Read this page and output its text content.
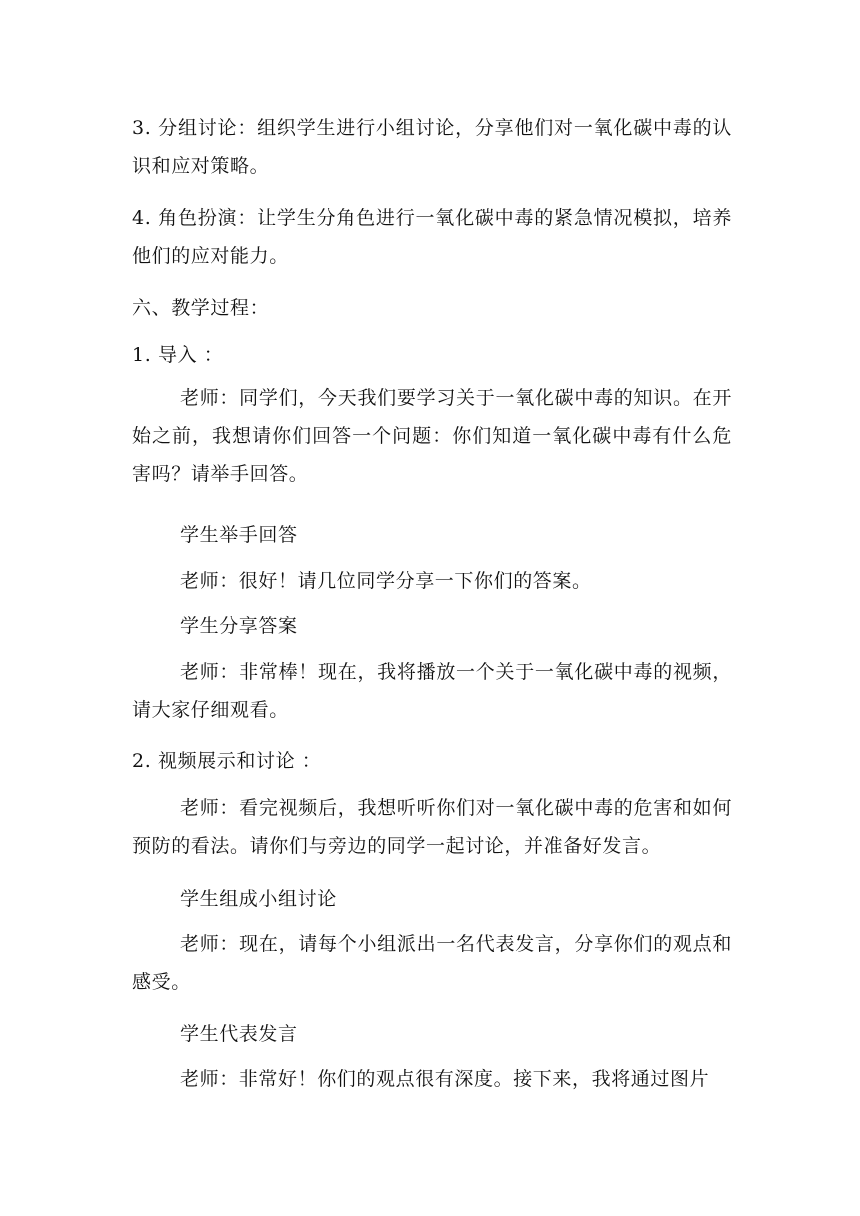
3. 分组讨论：组织学生进行小组讨论，分享他们对一氧化碳中毒的认识和应对策略。

4. 角色扮演：让学生分角色进行一氧化碳中毒的紧急情况模拟，培养他们的应对能力。

六、教学过程：

1. 导入 ：

老师：同学们，今天我们要学习关于一氧化碳中毒的知识。在开始之前，我想请你们回答一个问题：你们知道一氧化碳中毒有什么危害吗？请举手回答。

学生举手回答

老师：很好！请几位同学分享一下你们的答案。

学生分享答案

老师：非常棒！现在，我将播放一个关于一氧化碳中毒的视频，请大家仔细观看。

2. 视频展示和讨论 ：

老师：看完视频后，我想听听你们对一氧化碳中毒的危害和如何预防的看法。请你们与旁边的同学一起讨论，并准备好发言。

学生组成小组讨论

老师：现在，请每个小组派出一名代表发言，分享你们的观点和感受。

学生代表发言

老师：非常好！你们的观点很有深度。接下来，我将通过图片
